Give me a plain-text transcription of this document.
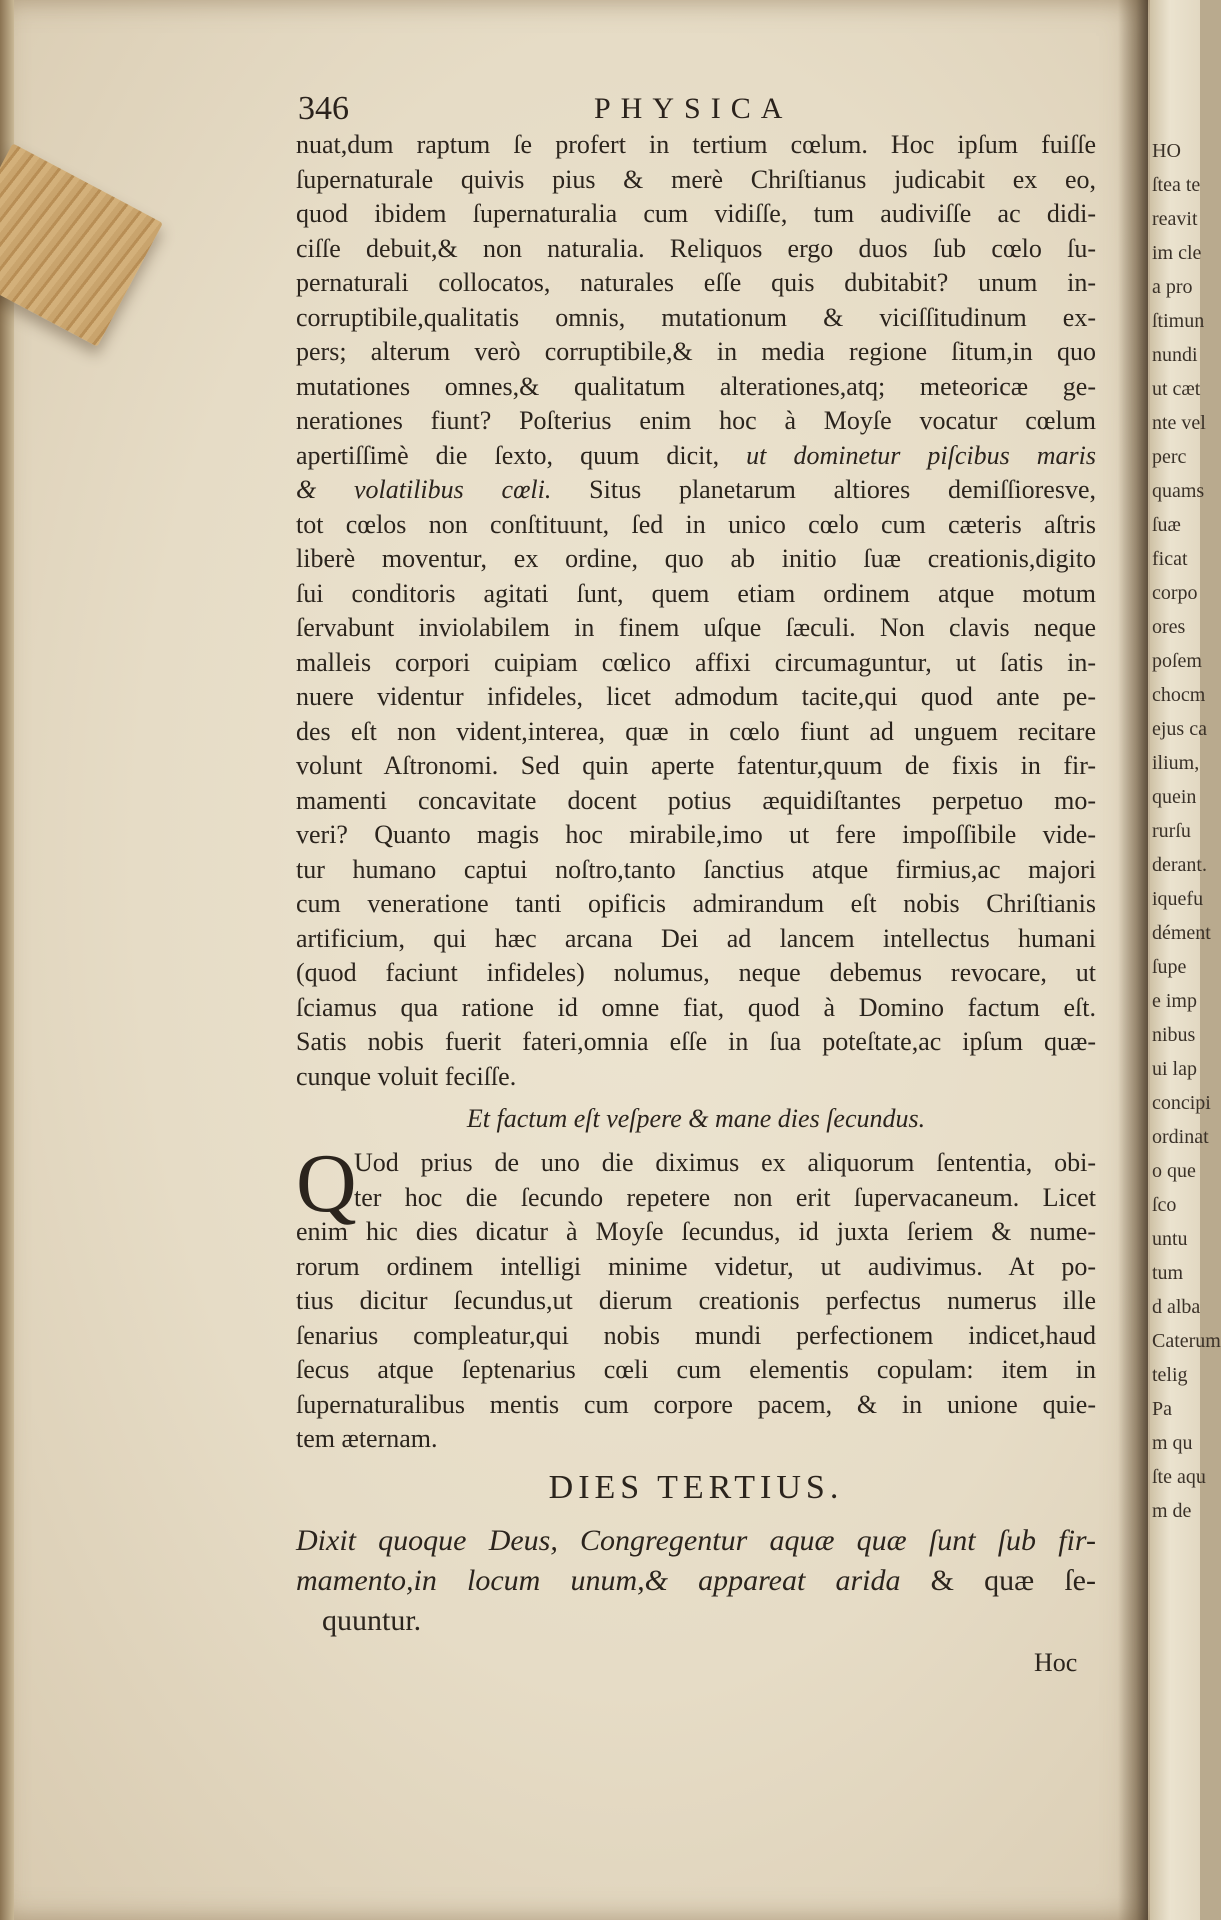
346	PHYSICA
nuat,dum raptum ſe profert in tertium cœlum. Hoc ipſum fuiſſe
ſupernaturale quivis pius & merè Chriſtianus judicabit ex eo,
quod ibidem ſupernaturalia cum vidiſſe, tum audiviſſe ac didi-
ciſſe debuit,& non naturalia. Reliquos ergo duos ſub cœlo ſu-
pernaturali collocatos, naturales eſſe quis dubitabit? unum in-
corruptibile,qualitatis omnis, mutationum & viciſſitudinum ex-
pers; alterum verò corruptibile,& in media regione ſitum,in quo
mutationes omnes,& qualitatum alterationes,atq; meteoricæ ge-
nerationes fiunt? Poſterius enim hoc à Moyſe vocatur cœlum
apertiſſimè die ſexto, quum dicit, ut dominetur piſcibus maris
& volatilibus cœli. Situs planetarum altiores demiſſioresve,
tot cœlos non conſtituunt, ſed in unico cœlo cum cæteris aſtris
liberè moventur, ex ordine, quo ab initio ſuæ creationis,digito
ſui conditoris agitati ſunt, quem etiam ordinem atque motum
ſervabunt inviolabilem in finem uſque ſæculi. Non clavis neque
malleis corpori cuipiam cœlico affixi circumaguntur, ut ſatis in-
nuere videntur infideles, licet admodum tacite,qui quod ante pe-
des eſt non vident,interea, quæ in cœlo fiunt ad unguem recitare
volunt Aſtronomi. Sed quin aperte fatentur,quum de fixis in fir-
mamenti concavitate docent potius æquidiſtantes perpetuo mo-
veri? Quanto magis hoc mirabile,imo ut fere impoſſibile vide-
tur humano captui noſtro,tanto ſanctius atque firmius,ac majori
cum veneratione tanti opificis admirandum eſt nobis Chriſtianis
artificium, qui hæc arcana Dei ad lancem intellectus humani
(quod faciunt infideles) nolumus, neque debemus revocare, ut
ſciamus qua ratione id omne fiat, quod à Domino factum eſt.
Satis nobis fuerit fateri,omnia eſſe in ſua poteſtate,ac ipſum quæ-
cunque voluit feciſſe.
Et factum eſt veſpere & mane dies ſecundus.
Q
Uod prius de uno die diximus ex aliquorum ſententia, obi-
ter hoc die ſecundo repetere non erit ſupervacaneum. Licet
enim hic dies dicatur à Moyſe ſecundus, id juxta ſeriem & nume-
rorum ordinem intelligi minime videtur, ut audivimus. At po-
tius dicitur ſecundus,ut dierum creationis perfectus numerus ille
ſenarius compleatur,qui nobis mundi perfectionem indicet,haud
ſecus atque ſeptenarius cœli cum elementis copulam: item in
ſupernaturalibus mentis cum corpore pacem, & in unione quie-
tem æternam.
DIES TERTIUS.
Dixit quoque Deus, Congregentur aquæ quæ ſunt ſub fir-
mamento,in locum unum,& appareat arida & quæ ſe-
quuntur.
Hoc
HO
ſtea te
reavit
im cle
a pro
ſtimun
nundi
ut cæt
nte vel
perc
quams
ſuæ
ficat
corpo
ores
poſem
chocm
ejus ca
ilium,
quein
rurſu
derant.
iquefu
dément
ſupe
e imp
nibus
ui lap
concipi
ordinat
o que
ſco
untu
tum
d alba
Caterum
telig
Pa
m qu
ſte aqu
m de
